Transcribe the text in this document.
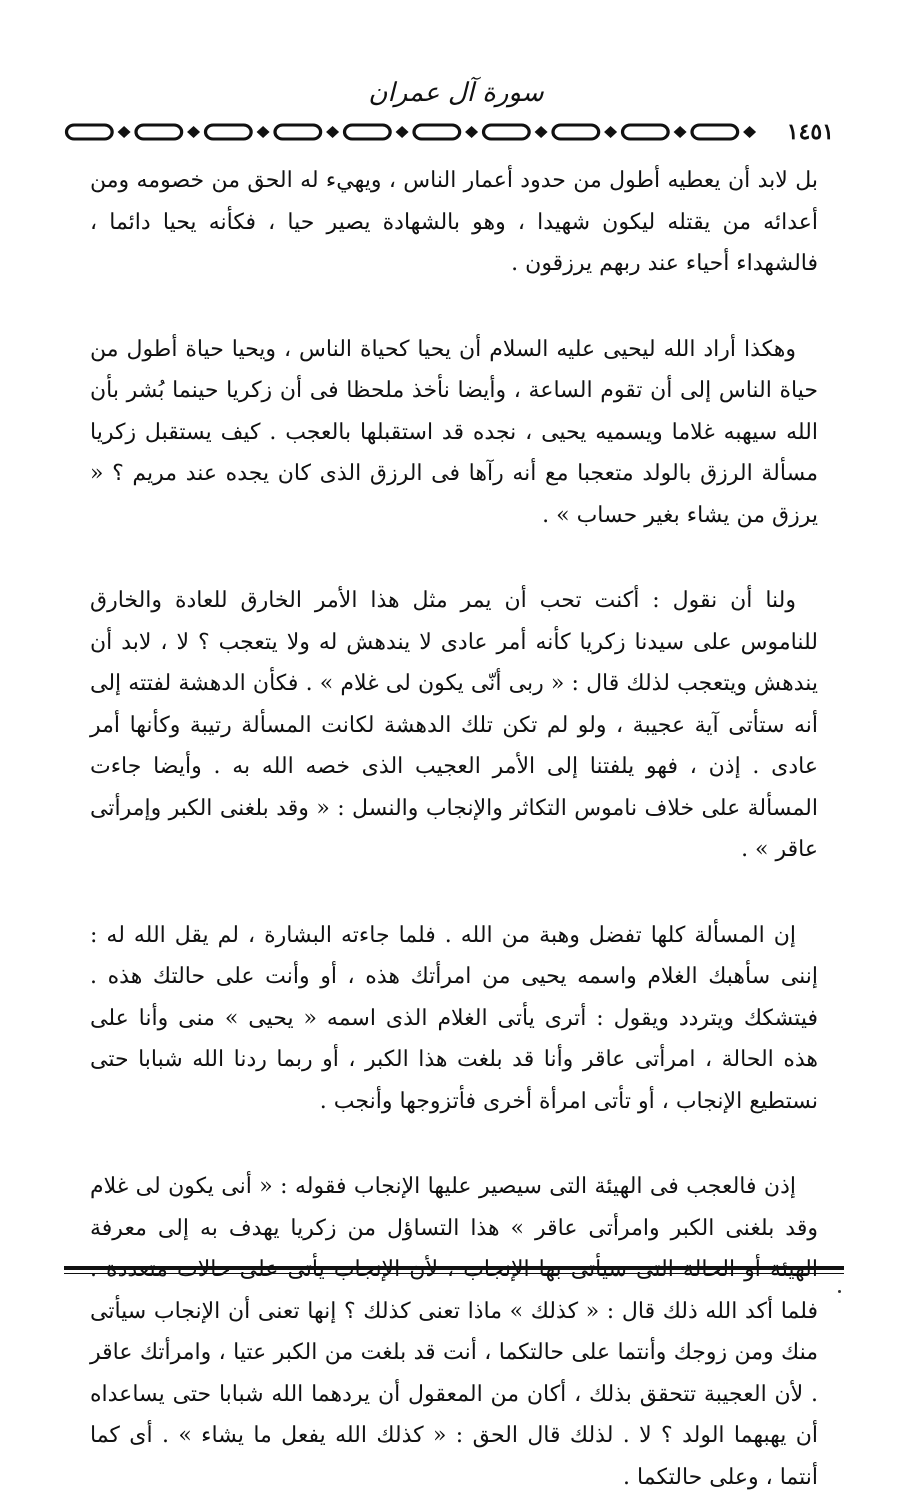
سورة آل عمران
١٤٥١

بل لابد أن يعطيه أطول من حدود أعمار الناس ، ويهيء له الحق من خصومه ومن أعدائه من يقتله ليكون شهيدا ، وهو بالشهادة يصير حيا ، فكأنه يحيا دائما ، فالشهداء أحياء عند ربهم يرزقون .

وهكذا أراد الله ليحيى عليه السلام أن يحيا كحياة الناس ، ويحيا حياة أطول من حياة الناس إلى أن تقوم الساعة ، وأيضا نأخذ ملحظا فى أن زكريا حينما بُشر بأن الله سيهبه غلاما ويسميه يحيى ، نجده قد استقبلها بالعجب . كيف يستقبل زكريا مسألة الرزق بالولد متعجبا مع أنه رآها فى الرزق الذى كان يجده عند مريم ؟ « يرزق من يشاء بغير حساب » .

ولنا أن نقول : أكنت تحب أن يمر مثل هذا الأمر الخارق للعادة والخارق للناموس على سيدنا زكريا كأنه أمر عادى لا يندهش له ولا يتعجب ؟ لا ، لابد أن يندهش ويتعجب لذلك قال : « ربى أنّى يكون لى غلام » . فكأن الدهشة لفتته إلى أنه ستأتى آية عجيبة ، ولو لم تكن تلك الدهشة لكانت المسألة رتيبة وكأنها أمر عادى . إذن ، فهو يلفتنا إلى الأمر العجيب الذى خصه الله به . وأيضا جاءت المسألة على خلاف ناموس التكاثر والإنجاب والنسل : « وقد بلغنى الكبر وإمرأتى عاقر » .

إن المسألة كلها تفضل وهبة من الله . فلما جاءته البشارة ، لم يقل الله له : إننى سأهبك الغلام واسمه يحيى من امرأتك هذه ، أو وأنت على حالتك هذه . فيتشكك ويتردد ويقول : أترى يأتى الغلام الذى اسمه « يحيى » منى وأنا على هذه الحالة ، امرأتى عاقر وأنا قد بلغت هذا الكبر ، أو ربما ردنا الله شبابا حتى نستطيع الإنجاب ، أو تأتى امرأة أخرى فأتزوجها وأنجب .

إذن فالعجب فى الهيئة التى سيصير عليها الإنجاب فقوله : « أنى يكون لى غلام وقد بلغنى الكبر وامرأتى عاقر » هذا التساؤل من زكريا يهدف به إلى معرفة فلما أكد الله ذلك قال : « كذلك » ماذا تعنى كذلك ؟ إنها تعنى أن الإنجاب سيأتى منك ومن زوجك وأنتما على حالتكما ، أنت قد بلغت من الكبر عتيا ، وامرأتك عاقر . لأن العجيبة تتحقق بذلك ، أكان من المعقول أن يردهما الله شبابا حتى يساعداه أن يهبهما الولد ؟ لا . لذلك قال الحق : « كذلك الله يفعل ما يشاء » . أى كما أنتما ، وعلى حالتكما .
